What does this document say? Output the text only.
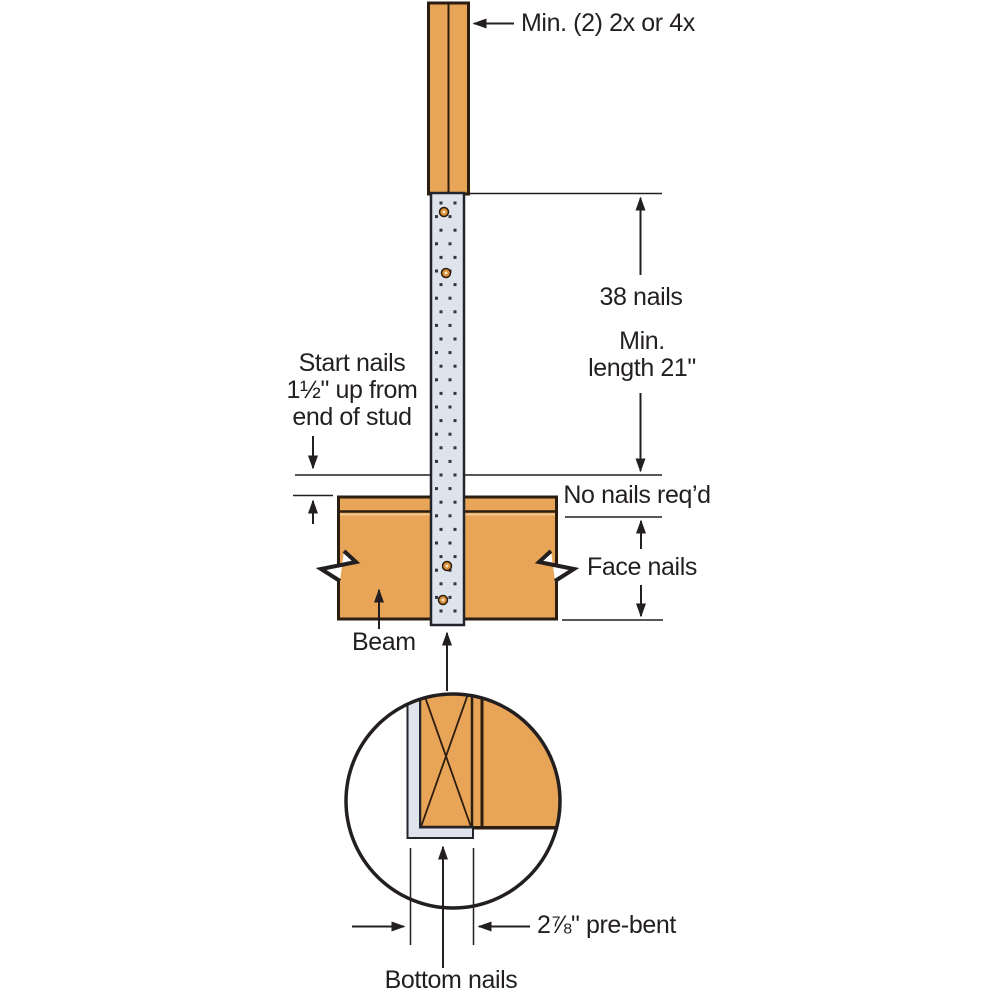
Min. (2) 2x or 4x
38 nails
Min.
length 21"
Start nails
1½" up from
end of stud
No nails req’d
Face nails
Beam
2⅞" pre-bent
Bottom nails
